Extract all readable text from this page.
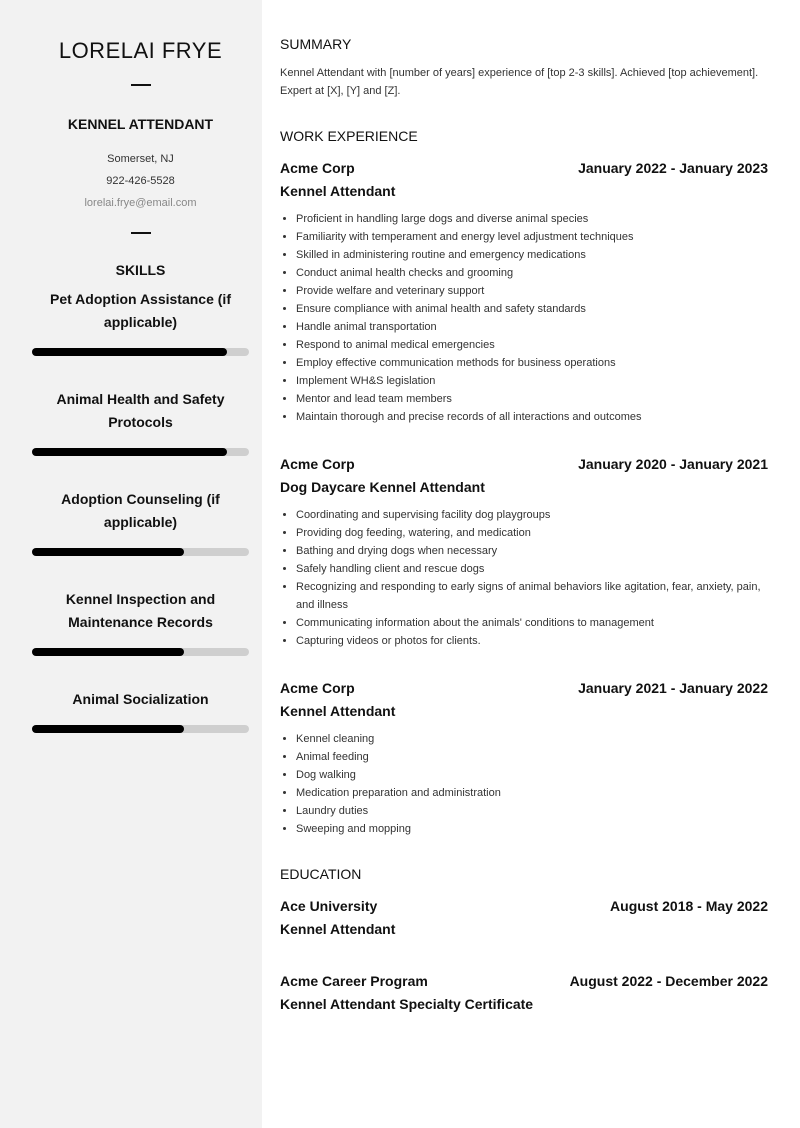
LORELAI FRYE
KENNEL ATTENDANT
Somerset, NJ
922-426-5528
lorelai.frye@email.com
SKILLS
Pet Adoption Assistance (if applicable)
Animal Health and Safety Protocols
Adoption Counseling (if applicable)
Kennel Inspection and Maintenance Records
Animal Socialization
SUMMARY
Kennel Attendant with [number of years] experience of [top 2-3 skills]. Achieved [top achievement]. Expert at [X], [Y] and [Z].
WORK EXPERIENCE
Acme Corp	January 2022 - January 2023
Kennel Attendant
• Proficient in handling large dogs and diverse animal species
• Familiarity with temperament and energy level adjustment techniques
• Skilled in administering routine and emergency medications
• Conduct animal health checks and grooming
• Provide welfare and veterinary support
• Ensure compliance with animal health and safety standards
• Handle animal transportation
• Respond to animal medical emergencies
• Employ effective communication methods for business operations
• Implement WH&S legislation
• Mentor and lead team members
• Maintain thorough and precise records of all interactions and outcomes
Acme Corp	January 2020 - January 2021
Dog Daycare Kennel Attendant
• Coordinating and supervising facility dog playgroups
• Providing dog feeding, watering, and medication
• Bathing and drying dogs when necessary
• Safely handling client and rescue dogs
• Recognizing and responding to early signs of animal behaviors like agitation, fear, anxiety, pain, and illness
• Communicating information about the animals' conditions to management
• Capturing videos or photos for clients.
Acme Corp	January 2021 - January 2022
Kennel Attendant
• Kennel cleaning
• Animal feeding
• Dog walking
• Medication preparation and administration
• Laundry duties
• Sweeping and mopping
EDUCATION
Ace University	August 2018 - May 2022
Kennel Attendant
Acme Career Program	August 2022 - December 2022
Kennel Attendant Specialty Certificate
